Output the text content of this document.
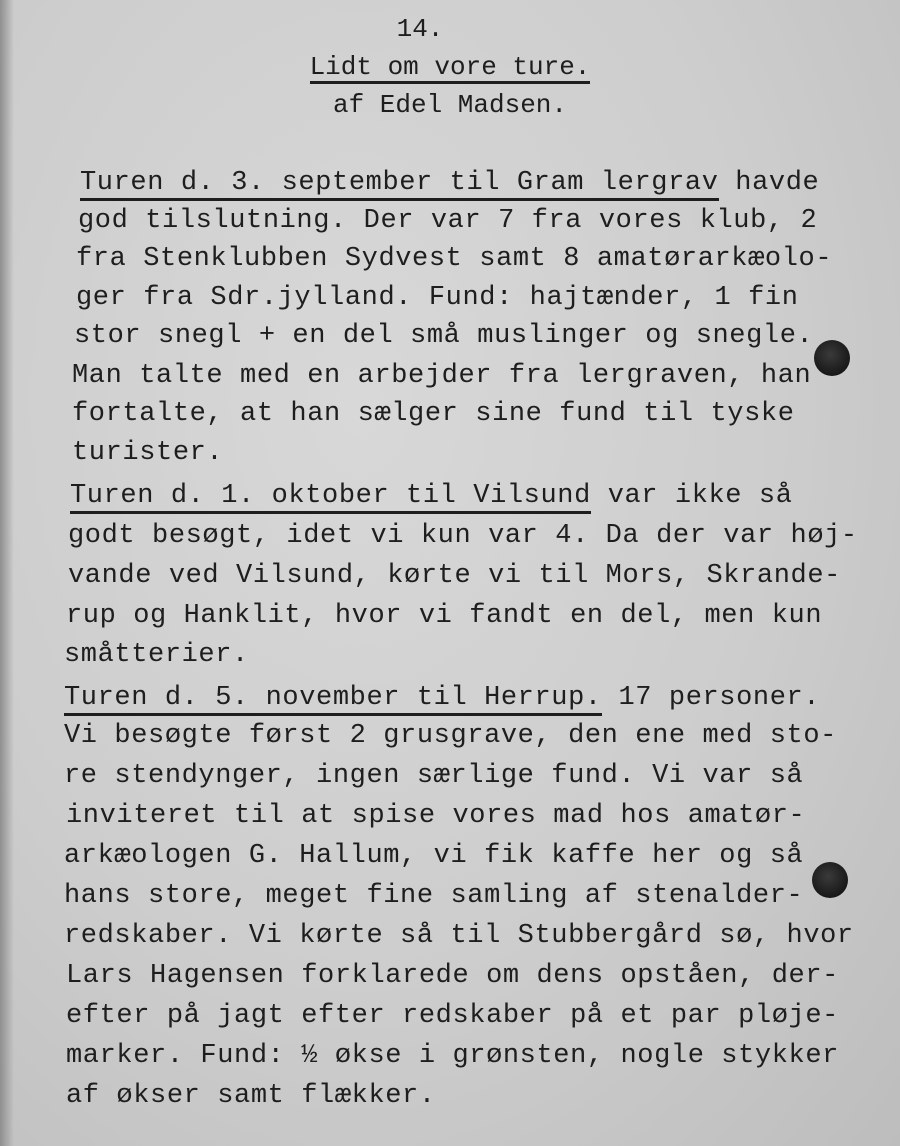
14.
Lidt om vore ture.
af Edel Madsen.
Turen d. 3. september til Gram lergrav havde
god tilslutning. Der var 7 fra vores klub, 2
fra Stenklubben Sydvest samt 8 amatørarkæolo-
ger fra Sdr.jylland. Fund: hajtænder, 1 fin
stor snegl + en del små muslinger og snegle.
Man talte med en arbejder fra lergraven, han
fortalte, at han sælger sine fund til tyske
turister.
Turen d. 1. oktober til Vilsund var ikke så
godt besøgt, idet vi kun var 4. Da der var høj-
vande ved Vilsund, kørte vi til Mors, Skrande-
rup og Hanklit, hvor vi fandt en del, men kun
småtterier.
Turen d. 5. november til Herrup. 17 personer.
Vi besøgte først 2 grusgrave, den ene med sto-
re stendynger, ingen særlige fund. Vi var så
inviteret til at spise vores mad hos amatør-
arkæologen G. Hallum, vi fik kaffe her og så
hans store, meget fine samling af stenalder-
redskaber. Vi kørte så til Stubbergård sø, hvor
Lars Hagensen forklarede om dens opståen, der-
efter på jagt efter redskaber på et par pløje-
marker. Fund: ½ økse i grønsten, nogle stykker
af økser samt flækker.
